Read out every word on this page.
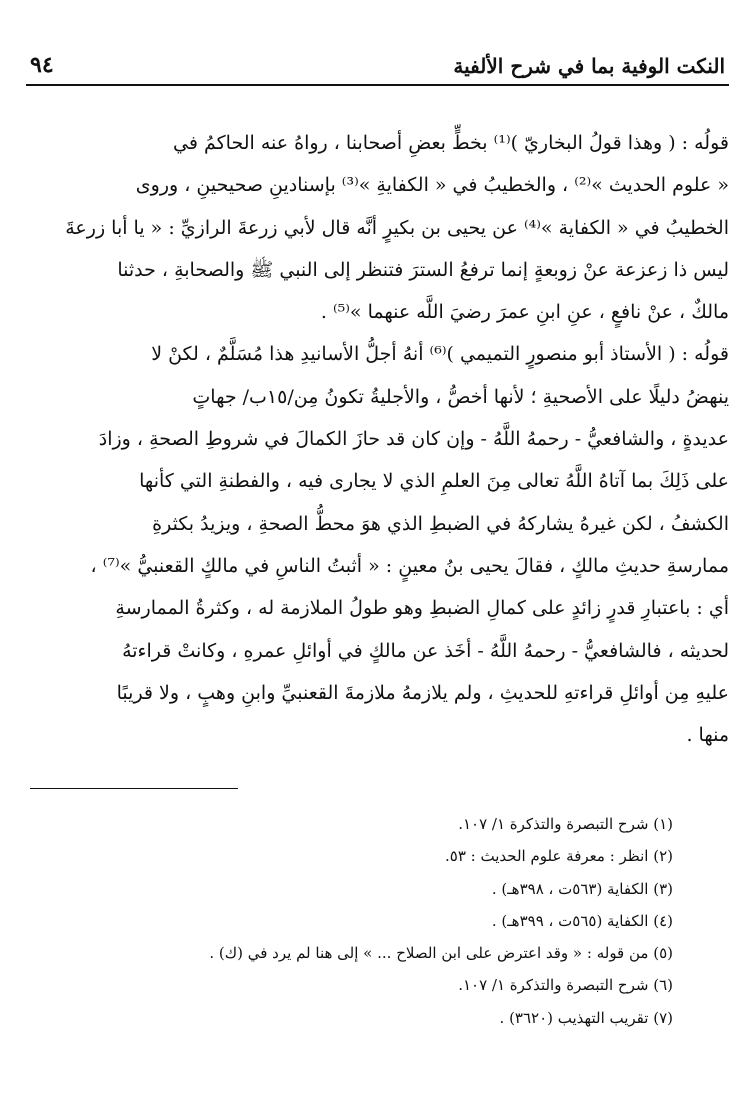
النكت الوفية بما في شرح الألفية
٩٤

قولُه : ( وهذا قولُ البخاريّ )⁽¹⁾ بخطٍّ بعضِ أصحابنا ، رواهُ عنه الحاكمُ في

« علوم الحديث »⁽²⁾ ، والخطيبُ في « الكفايةِ »⁽³⁾ بإسنادينِ صحيحينِ ، وروى

الخطيبُ في « الكفاية »⁽⁴⁾ عن يحيى بن بكيرٍ أنَّه قال لأبي زرعةَ الرازيِّ : « يا أبا زرعةَ

ليس ذا زعزعة عنْ زوبعةٍ إنما ترفعُ السترَ فتنظر إلى النبي ﷺ والصحابةِ ، حدثنا

مالكٌ ، عنْ نافعٍ ، عنِ ابنِ عمرَ رضيَ اللَّه عنهما »⁽⁵⁾ .

قولُه : ( الأستاذ أبو منصورٍ التميمي )⁽⁶⁾ أنهُ أجلُّ الأسانيدِ هذا مُسَلَّمٌ ، لكنْ لا

ينهضُ دليلًا على الأصحيةِ ؛ لأنها أخصُّ ، والأجليةُ تكونُ مِن/١٥ب/ جهاتٍ

عديدةٍ ، والشافعيُّ - رحمهُ اللَّهُ - وإن كان قد حازَ الكمالَ في شروطِ الصحةِ ، وزادَ

على ذَلِكَ بما آتاهُ اللَّهُ تعالى مِنَ العلمِ الذي لا يجارى فيه ، والفطنةِ التي كأنها

الكشفُ ، لكن غيرهُ يشاركهُ في الضبطِ الذي هوَ محطُّ الصحةِ ، ويزيدُ بكثرةِ

ممارسةِ حديثِ مالكٍ ، فقالَ يحيى بنُ معينٍ : « أثبتُ الناسِ في مالكٍ القعنبيُّ »⁽⁷⁾ ،

أي : باعتبارِ قدرٍ زائدٍ على كمالِ الضبطِ وهو طولُ الملازمة له ، وكثرةُ الممارسةِ

لحديثه ، فالشافعيُّ - رحمهُ اللَّهُ - أخَذ عن مالكٍ في أوائلِ عمرهِ ، وكانتْ قراءتهُ

عليهِ مِن أوائلِ قراءتهِ للحديثِ ، ولم يلازمهُ ملازمةَ القعنبيِّ وابنِ وهبٍ ، ولا قريبًا

منها .

(١) شرح التبصرة والتذكرة ١/ ١٠٧.
(٢) انظر : معرفة علوم الحديث : ٥٣.
(٣) الكفاية (٥٦٣ت ، ٣٩٨هـ) .
(٤) الكفاية (٥٦٥ت ، ٣٩٩هـ) .
(٥) من قوله : « وقد اعترض على ابن الصلاح ... » إلى هنا لم يرد في (ك) .
(٦) شرح التبصرة والتذكرة ١/ ١٠٧.
(٧) تقريب التهذيب (٣٦٢٠) .
